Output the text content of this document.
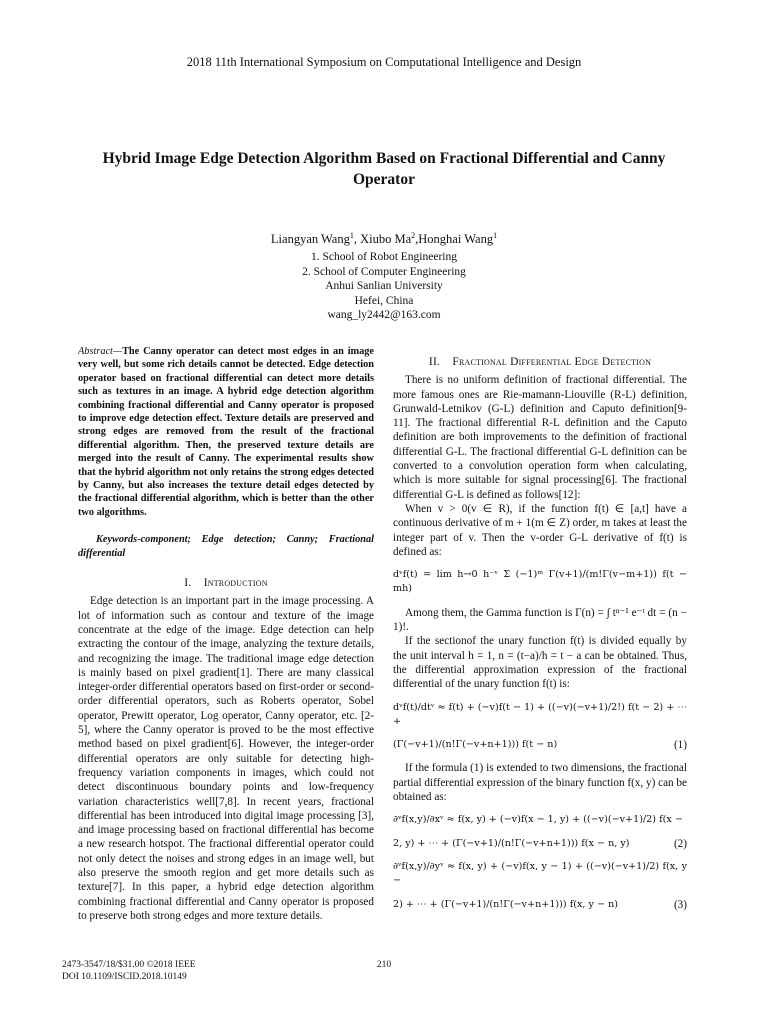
2018 11th International Symposium on Computational Intelligence and Design
Hybrid Image Edge Detection Algorithm Based on Fractional Differential and Canny Operator
Liangyan Wang$^1$, Xiubo Ma$^2$,Honghai Wang$^1$
1. School of Robot Engineering
2. School of Computer Engineering
Anhui Sanlian University
Hefei, China
wang_ly2442@163.com

Abstract—The Canny operator can detect most edges in an image very well, but some rich details cannot be detected. Edge detection operator based on fractional differential can detect more details such as textures in an image. A hybrid edge detection algorithm combining fractional differential and Canny operator is proposed to improve edge detection effect. Texture details are preserved and strong edges are removed from the result of the fractional differential algorithm. Then, the preserved texture details are merged into the result of Canny. The experimental results show that the hybrid algorithm not only retains the strong edges detected by Canny, but also increases the texture detail edges detected by the fractional differential algorithm, which is better than the other two algorithms.

Keywords-component; Edge detection; Canny; Fractional differential

I. Introduction

Edge detection is an important part in the image processing. A lot of information such as contour and texture of the image concentrate at the edge of the image. Edge detection can help extracting the contour of the image, analyzing the texture details, and recognizing the image. The traditional image edge detection is mainly based on pixel gradient[1]. There are many classical integer-order differential operators based on first-order or second-order differential operators, such as Roberts operator, Sobel operator, Prewitt operator, Log operator, Canny operator, etc. [2-5], where the Canny operator is proved to be the most effective method based on pixel gradient[6]. However, the integer-order differential operators are only suitable for detecting high-frequency variation components in images, which could not detect discontinuous boundary points and low-frequency variation characteristics well[7,8]. In recent years, fractional differential has been introduced into digital image processing [3], and image processing based on fractional differential has become a new research hotspot. The fractional differential operator could not only detect the noises and strong edges in an image well, but also preserve the smooth region and get more details such as texture[7]. In this paper, a hybrid edge detection algorithm combining fractional differential and Canny operator is proposed to preserve both strong edges and more texture details.

II. Fractional Differential Edge Detection

There is no uniform definition of fractional differential. The more famous ones are Rie-mamann-Liouville (R-L) definition, Grunwald-Letnikov (G-L) definition and Caputo definition[9-11]. The fractional differential R-L definition and the Caputo definition are both improvements to the definition of fractional differential G-L. The fractional differential G-L definition can be converted to a convolution operation form when calculating, which is more suitable for signal processing[6]. The fractional differential G-L is defined as follows[12]:

When v > 0(v ∈ R), if the function f(t) ∈ [a,t] have a continuous derivative of m + 1(m ∈ Z) order, m takes at least the integer part of v. Then the v-order G-L derivative of f(t) is defined as:

dᵛf(t) = lim h→0 h⁻ᵛ Σ (−1)ᵐ Γ(v+1)/(m!Γ(v−m+1)) f(t − mh)

Among them, the Gamma function is Γ(n) = ∫ tⁿ⁻¹ e⁻ᵗ dt = (n − 1)!.

If the sectionof the unary function f(t) is divided equally by the unit interval h = 1, n = (t−a)/h = t − a can be obtained. Thus, the differential approximation expression of the fractional differential of the unary function f(t) is:

dᵛf(t)/dtᵛ ≈ f(t) + (−v)f(t − 1) + ((−v)(−v+1)/2!) f(t − 2) + ⋯ +
(Γ(−v+1)/(n!Γ(−v+n+1))) f(t − n)	(1)

If the formula (1) is extended to two dimensions, the fractional partial differential expression of the binary function f(x, y) can be obtained as:

∂ᵛf(x,y)/∂xᵛ ≈ f(x, y) + (−v)f(x − 1, y) + ((−v)(−v+1)/2) f(x −
2, y) + ⋯ + (Γ(−v+1)/(n!Γ(−v+n+1))) f(x − n, y)	(2)
∂ᵛf(x,y)/∂yᵛ ≈ f(x, y) + (−v)f(x, y − 1) + ((−v)(−v+1)/2) f(x, y −
2) + ⋯ + (Γ(−v+1)/(n!Γ(−v+n+1))) f(x, y − n)	(3)
2473-3547/18/$31.00 ©2018 IEEE
DOI 10.1109/ISCID.2018.10149
210
